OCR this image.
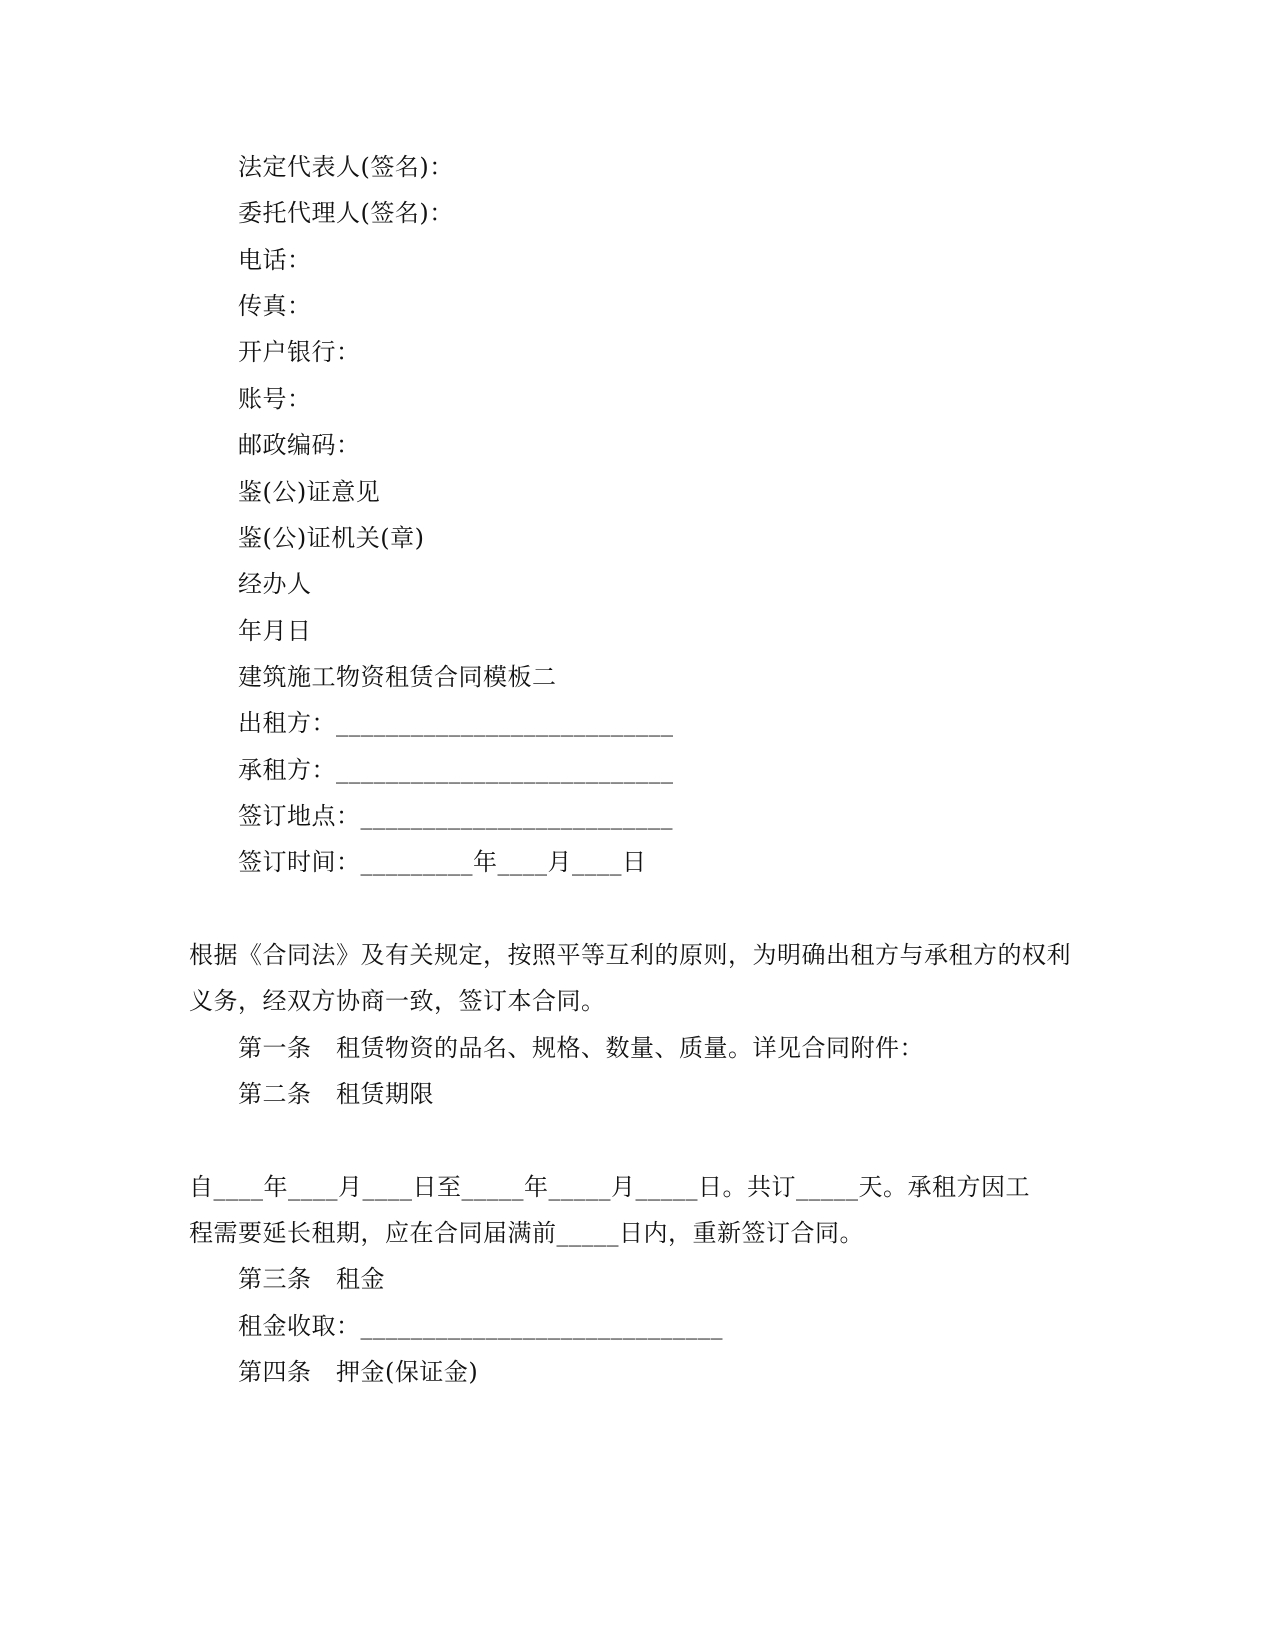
法定代表人(签名)：
委托代理人(签名)：
电话：
传真：
开户银行：
账号：
邮政编码：
鉴(公)证意见
鉴(公)证机关(章)
经办人
年月日
建筑施工物资租赁合同模板二
出租方：___________________________
承租方：___________________________
签订地点：_________________________
签订时间：_________年____月____日
根据《合同法》及有关规定，按照平等互利的原则，为明确出租方与承租方的权利
义务，经双方协商一致，签订本合同。
第一条　租赁物资的品名、规格、数量、质量。详见合同附件：
第二条　租赁期限
自____年____月____日至_____年_____月_____日。共订_____天。承租方因工
程需要延长租期，应在合同届满前_____日内，重新签订合同。
第三条　租金
租金收取：_____________________________
第四条　押金(保证金)
